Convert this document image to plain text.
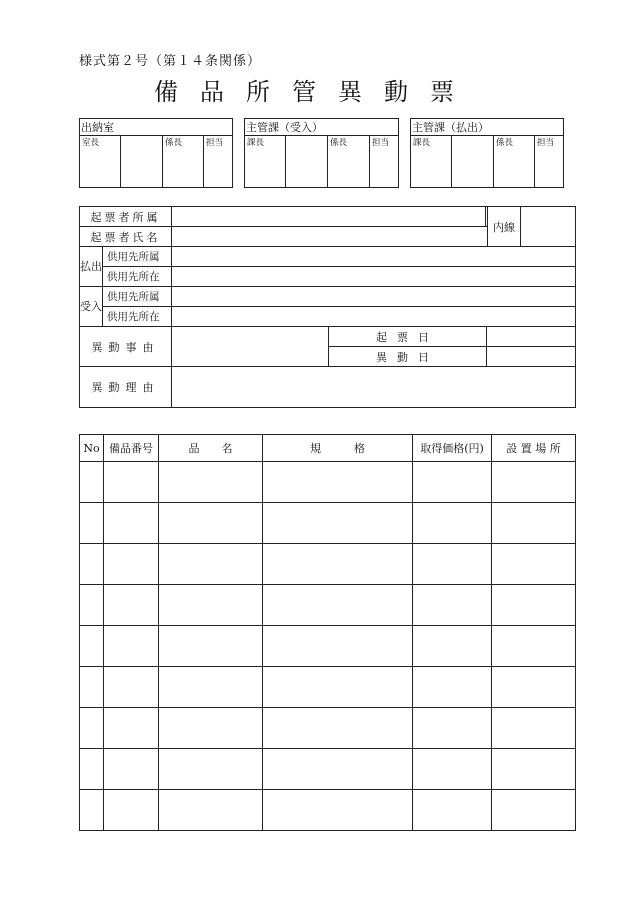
様式第２号（第１４条関係）
備品所管異動票
出納室
室長		係長	担当
主管課（受入）
課長		係長	担当
主管課（払出）
課長		係長	担当
起票者所属					内線	
起票者氏名						
払出	供用先所属					
	供用先所在					
受入	供用先所属					
	供用先所在					
異動事由			起票日			
			異動日			
異動理由						
No	備品番号	品　　名	規　　　格	取得価格(円)	設 置 場 所
